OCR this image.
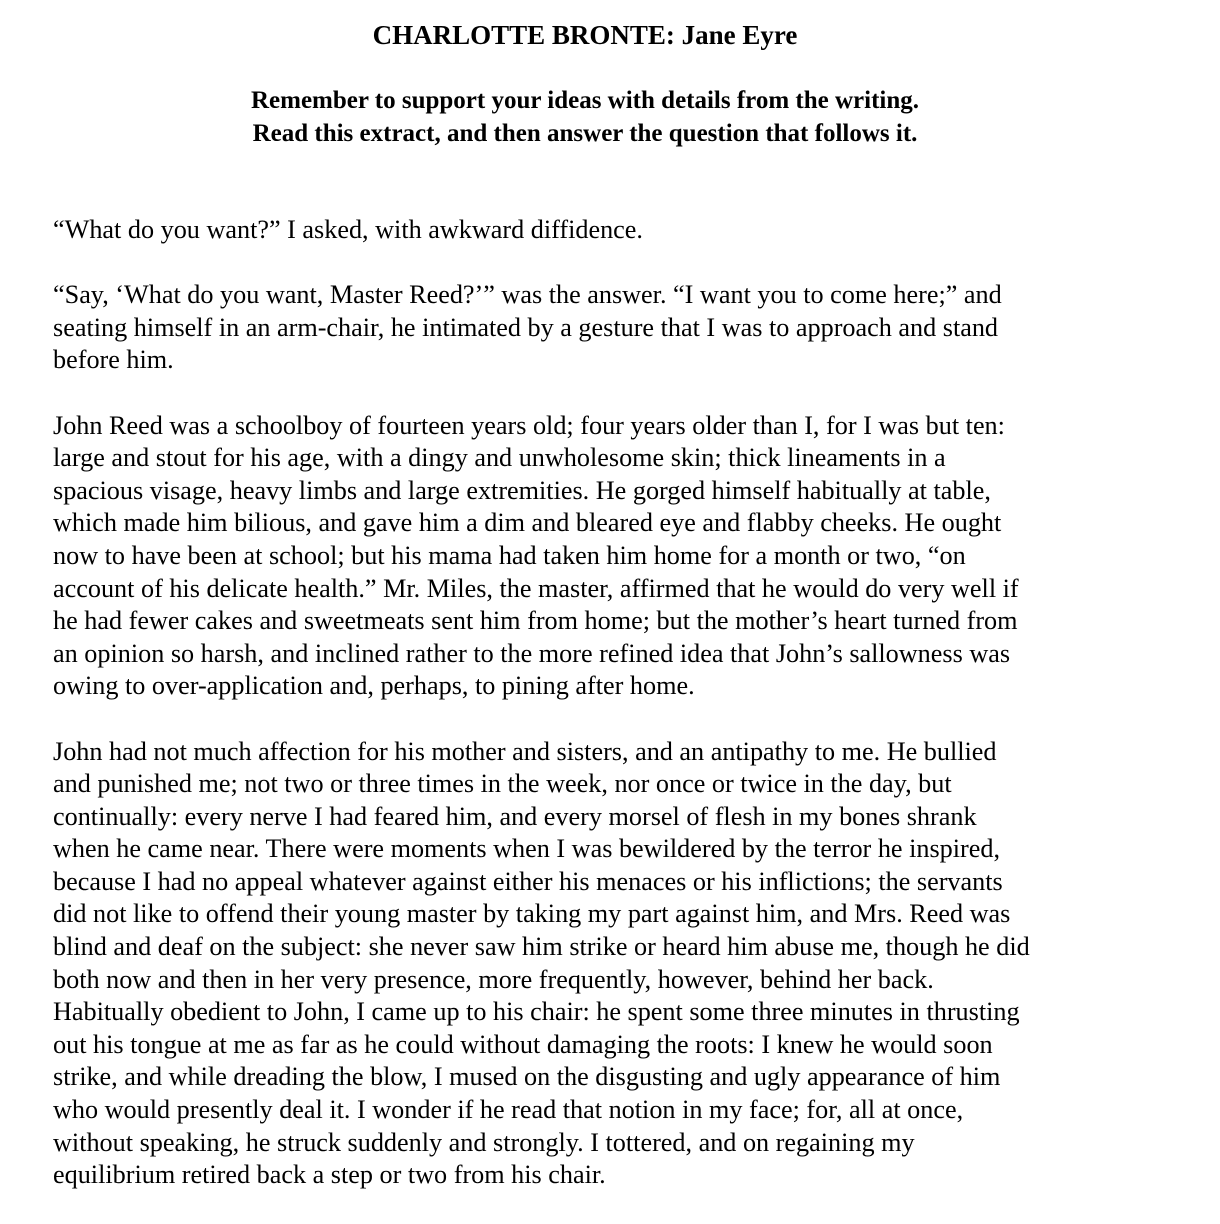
CHARLOTTE BRONTE: Jane Eyre
Remember to support your ideas with details from the writing.
Read this extract, and then answer the question that follows it.

“What do you want?” I asked, with awkward diffidence.

“Say, ‘What do you want, Master Reed?’” was the answer. “I want you to come here;” and
seating himself in an arm-chair, he intimated by a gesture that I was to approach and stand
before him.

John Reed was a schoolboy of fourteen years old; four years older than I, for I was but ten:
large and stout for his age, with a dingy and unwholesome skin; thick lineaments in a
spacious visage, heavy limbs and large extremities. He gorged himself habitually at table,
which made him bilious, and gave him a dim and bleared eye and flabby cheeks. He ought
now to have been at school; but his mama had taken him home for a month or two, “on
account of his delicate health.” Mr. Miles, the master, affirmed that he would do very well if
he had fewer cakes and sweetmeats sent him from home; but the mother’s heart turned from
an opinion so harsh, and inclined rather to the more refined idea that John’s sallowness was
owing to over-application and, perhaps, to pining after home.

John had not much affection for his mother and sisters, and an antipathy to me. He bullied
and punished me; not two or three times in the week, nor once or twice in the day, but
continually: every nerve I had feared him, and every morsel of flesh in my bones shrank
when he came near. There were moments when I was bewildered by the terror he inspired,
because I had no appeal whatever against either his menaces or his inflictions; the servants
did not like to offend their young master by taking my part against him, and Mrs. Reed was
blind and deaf on the subject: she never saw him strike or heard him abuse me, though he did
both now and then in her very presence, more frequently, however, behind her back.
Habitually obedient to John, I came up to his chair: he spent some three minutes in thrusting
out his tongue at me as far as he could without damaging the roots: I knew he would soon
strike, and while dreading the blow, I mused on the disgusting and ugly appearance of him
who would presently deal it. I wonder if he read that notion in my face; for, all at once,
without speaking, he struck suddenly and strongly. I tottered, and on regaining my
equilibrium retired back a step or two from his chair.
